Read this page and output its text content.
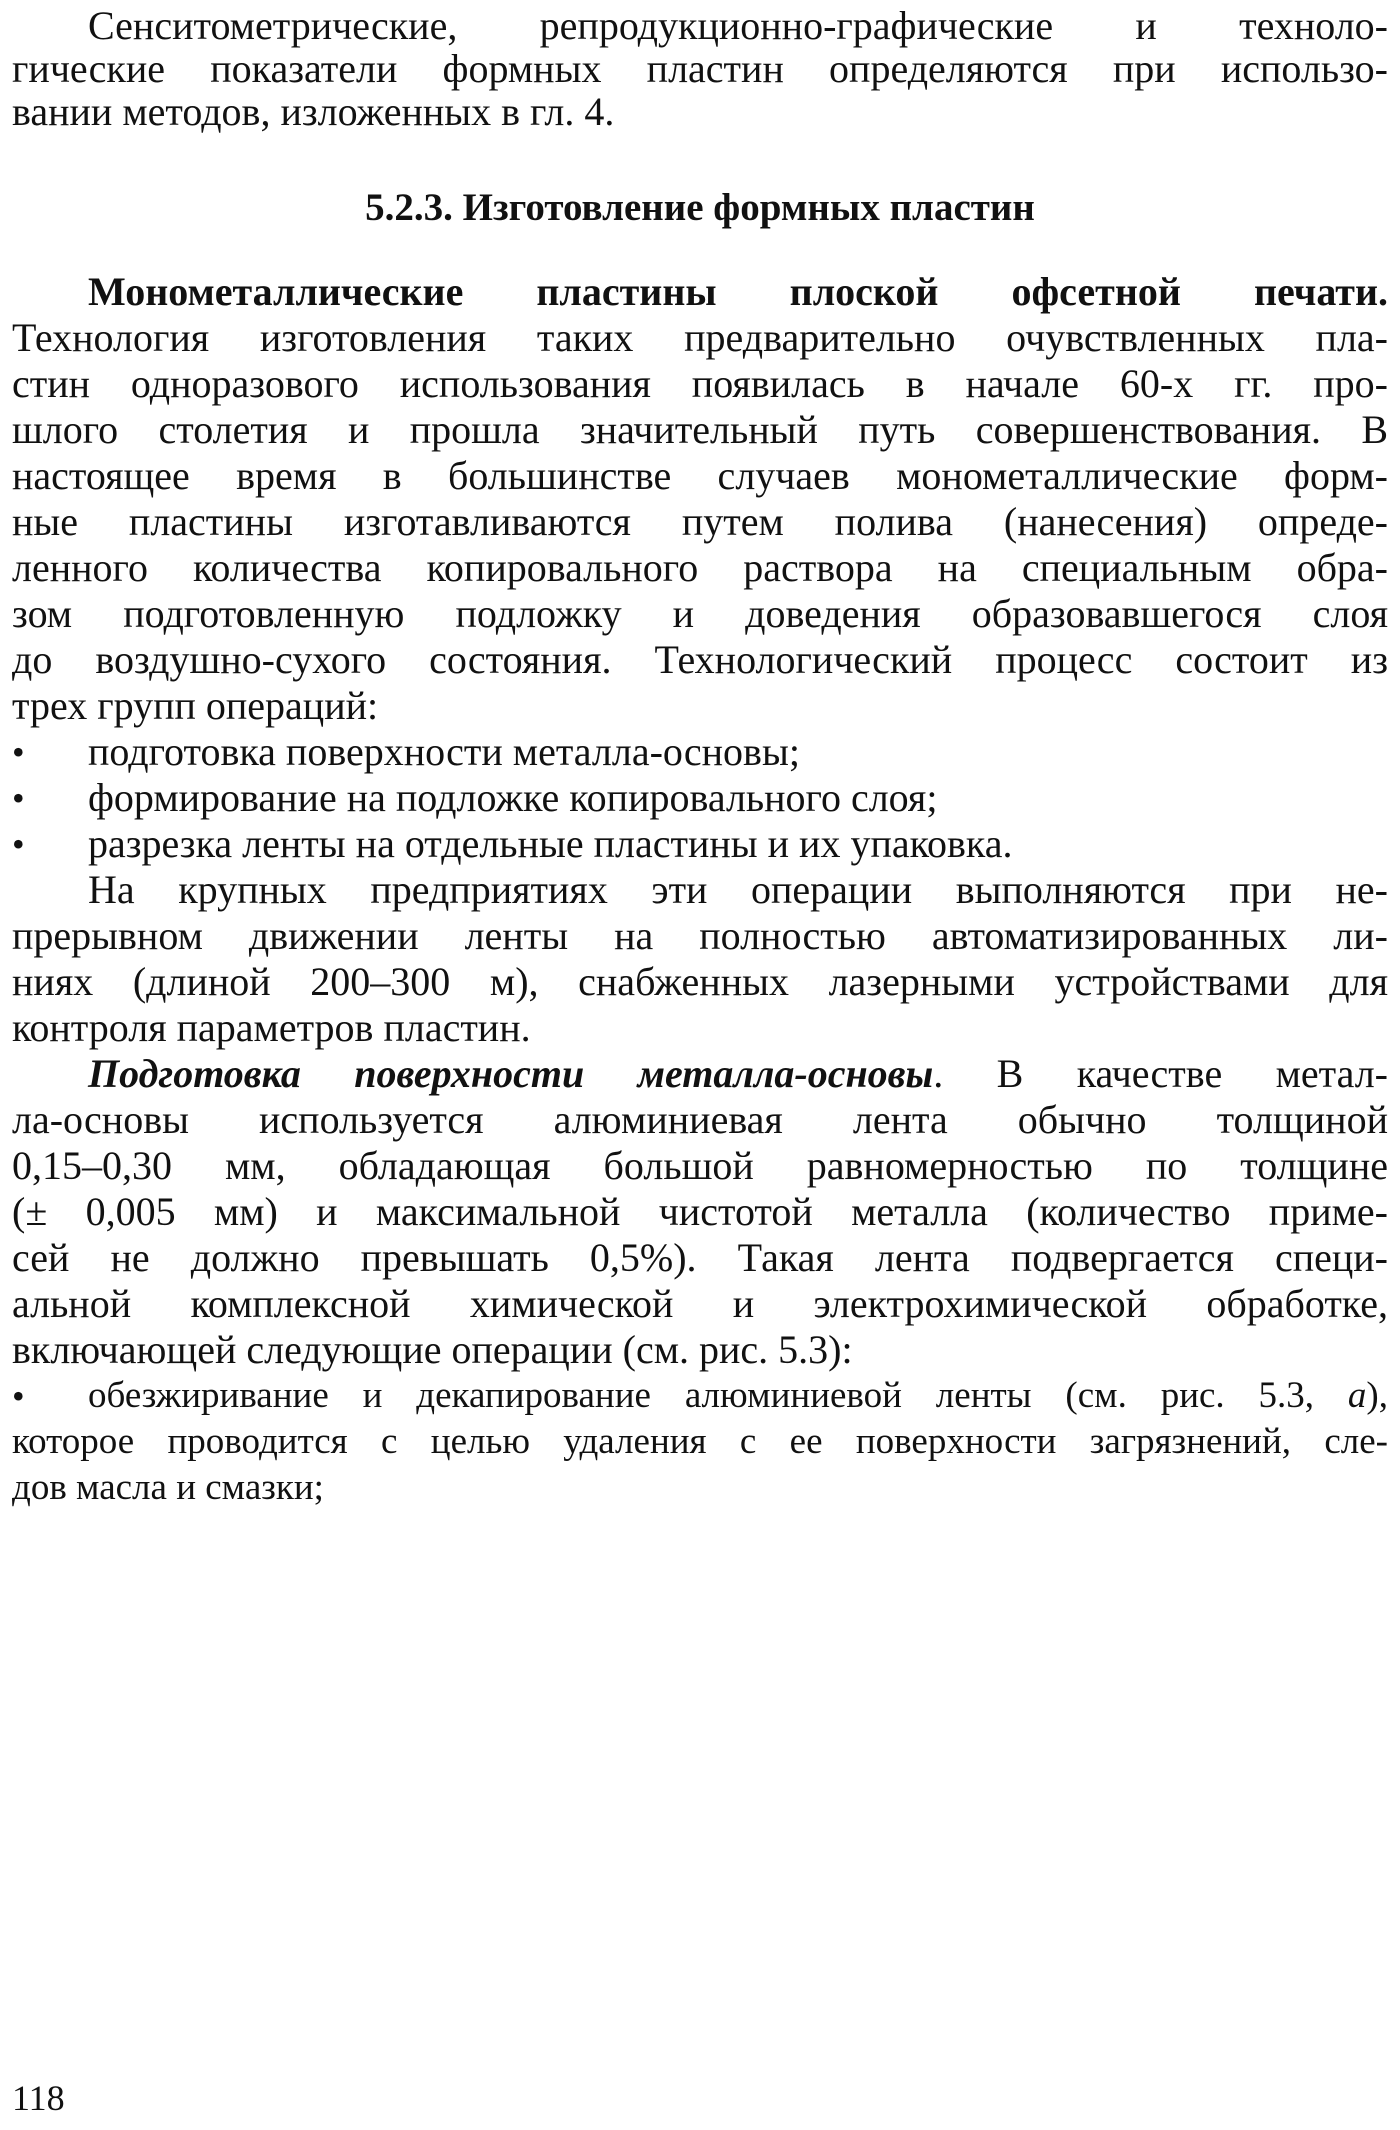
Сенситометрические, репродукционно-графические и техноло-
гические показатели формных пластин определяются при использо-
вании методов, изложенных в гл. 4.
5.2.3. Изготовление формных пластин
Монометаллические пластины плоской офсетной печати.
Технология изготовления таких предварительно очувствленных пла-
стин одноразового использования появилась в начале 60-х гг. про-
шлого столетия и прошла значительный путь совершенствования. В
настоящее время в большинстве случаев монометаллические форм-
ные пластины изготавливаются путем полива (нанесения) опреде-
ленного количества копировального раствора на специальным обра-
зом подготовленную подложку и доведения образовавшегося слоя
до воздушно-сухого состояния. Технологический процесс состоит из
трех групп операций:
• подготовка поверхности металла-основы;
• формирование на подложке копировального слоя;
• разрезка ленты на отдельные пластины и их упаковка.
На крупных предприятиях эти операции выполняются при не-
прерывном движении ленты на полностью автоматизированных ли-
ниях (длиной 200–300 м), снабженных лазерными устройствами для
контроля параметров пластин.
Подготовка поверхности металла-основы. В качестве метал-
ла-основы используется алюминиевая лента обычно толщиной
0,15–0,30 мм, обладающая большой равномерностью по толщине
(± 0,005 мм) и максимальной чистотой металла (количество приме-
сей не должно превышать 0,5%). Такая лента подвергается специ-
альной комплексной химической и электрохимической обработке,
включающей следующие операции (см. рис. 5.3):
• обезжиривание и декапирование алюминиевой ленты (см. рис. 5.3, а),
которое проводится с целью удаления с ее поверхности загрязнений, сле-
дов масла и смазки;
118
